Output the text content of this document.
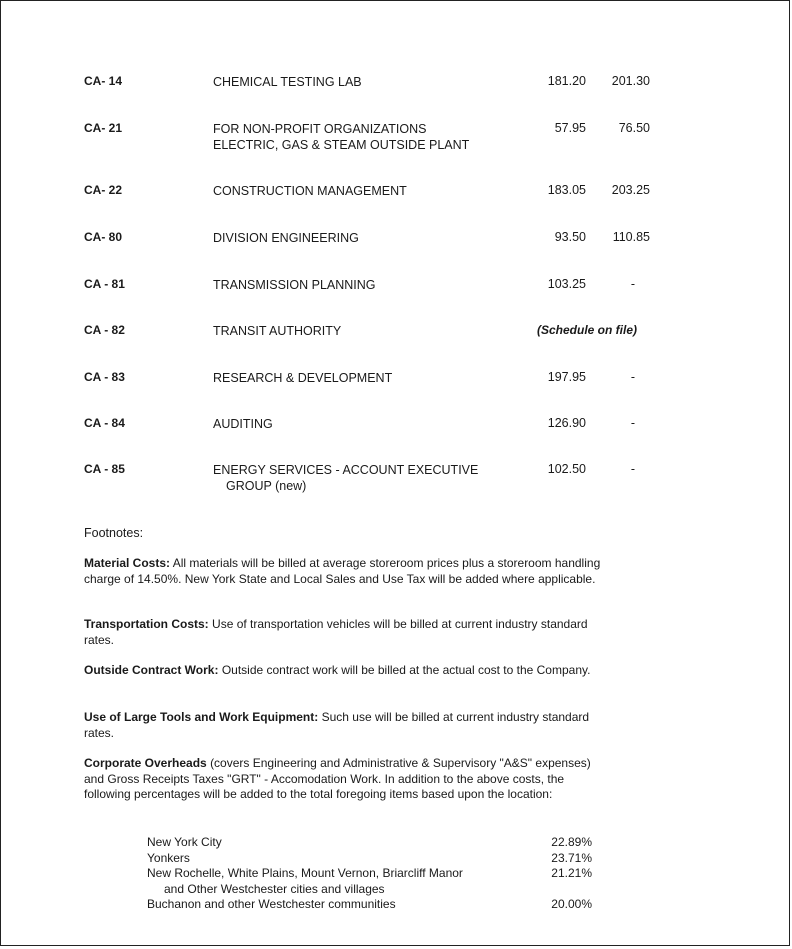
CA- 14	CHEMICAL TESTING LAB	181.20 201.30
CA- 21	FOR NON-PROFIT ORGANIZATIONS
ELECTRIC, GAS & STEAM OUTSIDE PLANT
57.95	76.50
CA- 22	CONSTRUCTION MANAGEMENT	183.05 203.25
CA- 80	DIVISION ENGINEERING	93.50 110.85
CA - 81	TRANSMISSION PLANNING	103.25	-
CA - 82	TRANSIT AUTHORITY	(Schedule on file)
CA - 83	RESEARCH & DEVELOPMENT	197.95	-
CA - 84	AUDITING	126.90	-
CA - 85	ENERGY SERVICES - ACCOUNT EXECUTIVE
GROUP (new)
102.50	-
Footnotes:
Material Costs: All materials will be billed at average storeroom prices plus a storeroom handling charge of 14.50%. New York State and Local Sales and Use Tax will be added where applicable.
Transportation Costs: Use of transportation vehicles will be billed at current industry standard rates.
Outside Contract Work: Outside contract work will be billed at the actual cost to the Company.
Use of Large Tools and Work Equipment: Such use will be billed at current industry standard rates.
Corporate Overheads (covers Engineering and Administrative & Supervisory "A&S" expenses) and Gross Receipts Taxes "GRT" - Accomodation Work. In addition to the above costs, the following percentages will be added to the total foregoing items based upon the location:
New York City	22.89%
Yonkers	23.71%
New Rochelle, White Plains, Mount Vernon, Briarcliff Manor
and Other Westchester cities and villages
21.21%
Buchanon and other Westchester communities	20.00%
